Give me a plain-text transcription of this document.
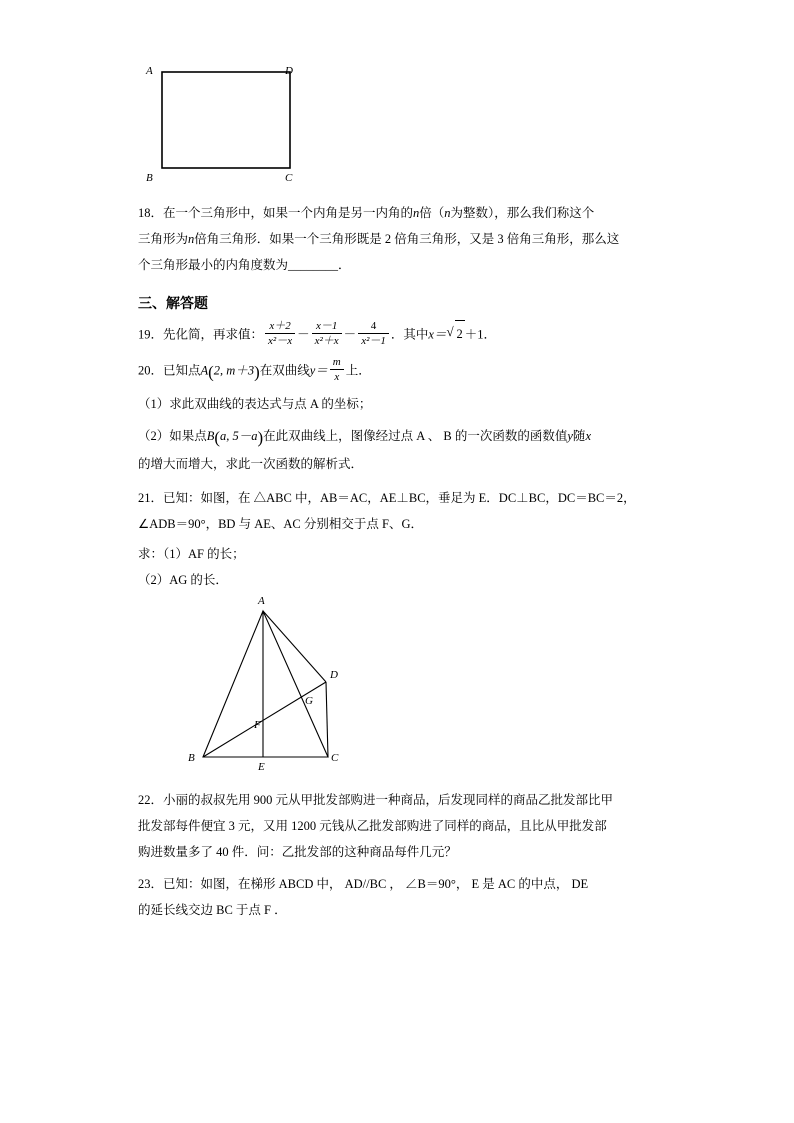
A	D
B	C
18．在一个三角形中，如果一个内角是另一内角的n倍（n为整数），那么我们称这个
三角形为n倍角三角形．如果一个三角形既是 2 倍角三角形，又是 3 倍角三角形，那么这
个三角形最小的内角度数为________．
三、解答题
19．先化简，再求值： $\frac{x+2}{\text{x²－x}} - \frac{x-1}{\text{x²＋x}} - \frac{4}{\text{x²－1}}$ ．其中x＝ √ 2 ＋1．
20．已知点A(2, m＋3)在双曲线$y= \frac{m}{x}$ 上．
（1）求此双曲线的表达式与点 A 的坐标；
（2）如果点B(a, 5－a)在此双曲线上，图像经过点 A 、 B 的一次函数的函数值y随x
的增大而增大，求此一次函数的解析式．
21．已知：如图，在 △ABC 中，AB＝AC，AE⊥BC，垂足为 E．DC⊥BC，DC＝BC＝2，
∠ADB＝90°，BD 与 AE、AC 分别相交于点 F、G．
求：（1）AF 的长；
（2）AG 的长．
A
D
G
F
B
E
C
22．小丽的叔叔先用 900 元从甲批发部购进一种商品，后发现同样的商品乙批发部比甲
批发部每件便宜 3 元，又用 1200 元钱从乙批发部购进了同样的商品，且比从甲批发部
购进数量多了 40 件．问：乙批发部的这种商品每件几元？
23．已知：如图，在梯形 ABCD 中， AD//BC ， ∠B＝90°， E 是 AC 的中点， DE
的延长线交边 BC 于点 F ．
